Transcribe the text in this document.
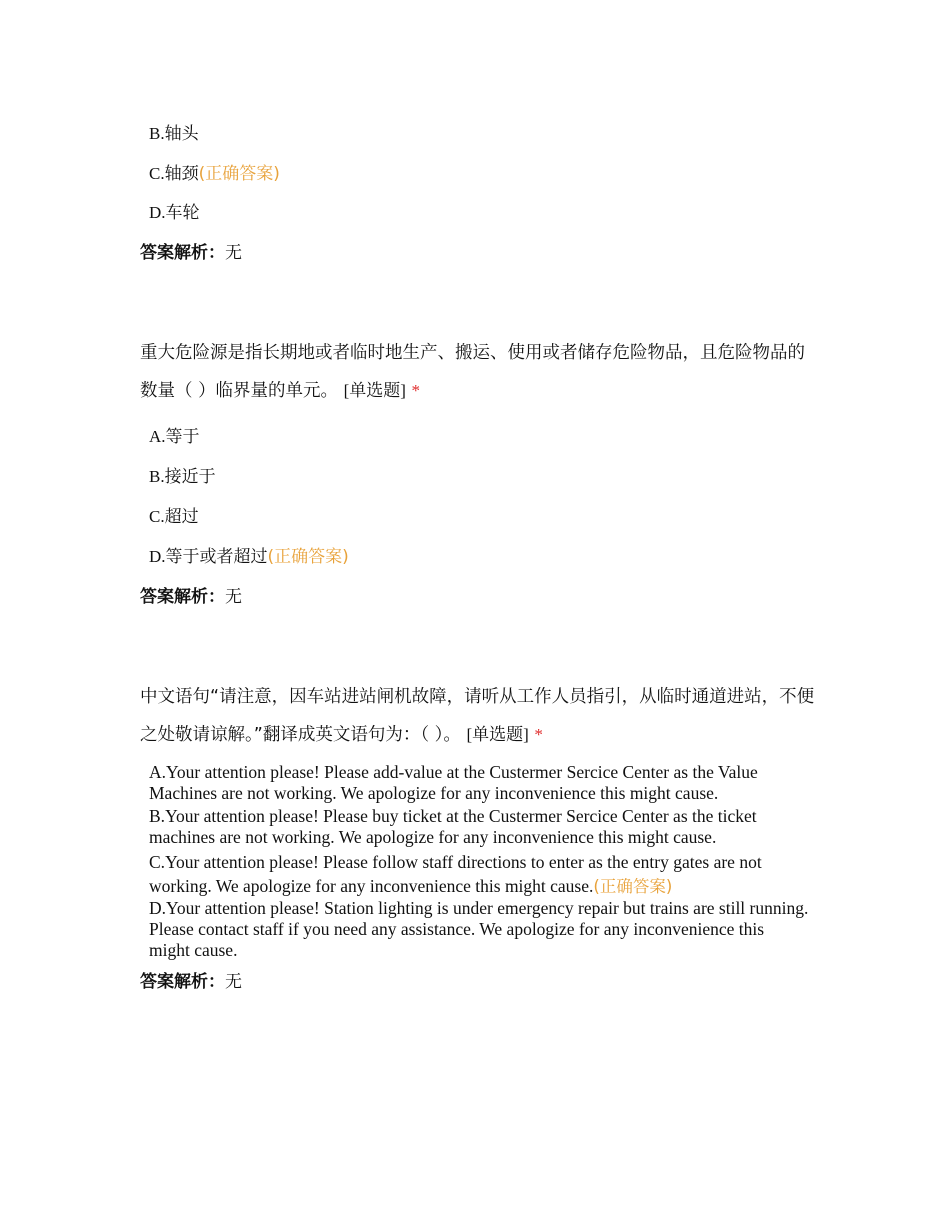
B.轴头
C.轴颈(正确答案)
D.车轮
答案解析：无
重大危险源是指长期地或者临时地生产、搬运、使用或者储存危险物品，且危险物品的数量（ ）临界量的单元。 [单选题] *
A.等于
B.接近于
C.超过
D.等于或者超过(正确答案)
答案解析：无
中文语句“请注意，因车站进站闸机故障，请听从工作人员指引，从临时通道进站，不便之处敬请谅解。”翻译成英文语句为：（ ）。 [单选题] *
A.Your attention please! Please add-value at the Custermer Sercice Center as the Value Machines are not working. We apologize for any inconvenience this might cause.
B.Your attention please! Please buy ticket at the Custermer Sercice Center as the ticket machines are not working. We apologize for any inconvenience this might cause.
C.Your attention please! Please follow staff directions to enter as the entry gates are not working. We apologize for any inconvenience this might cause.(正确答案)
D.Your attention please! Station lighting is under emergency repair but trains are still running. Please contact staff if you need any assistance. We apologize for any inconvenience this might cause.
答案解析：无
